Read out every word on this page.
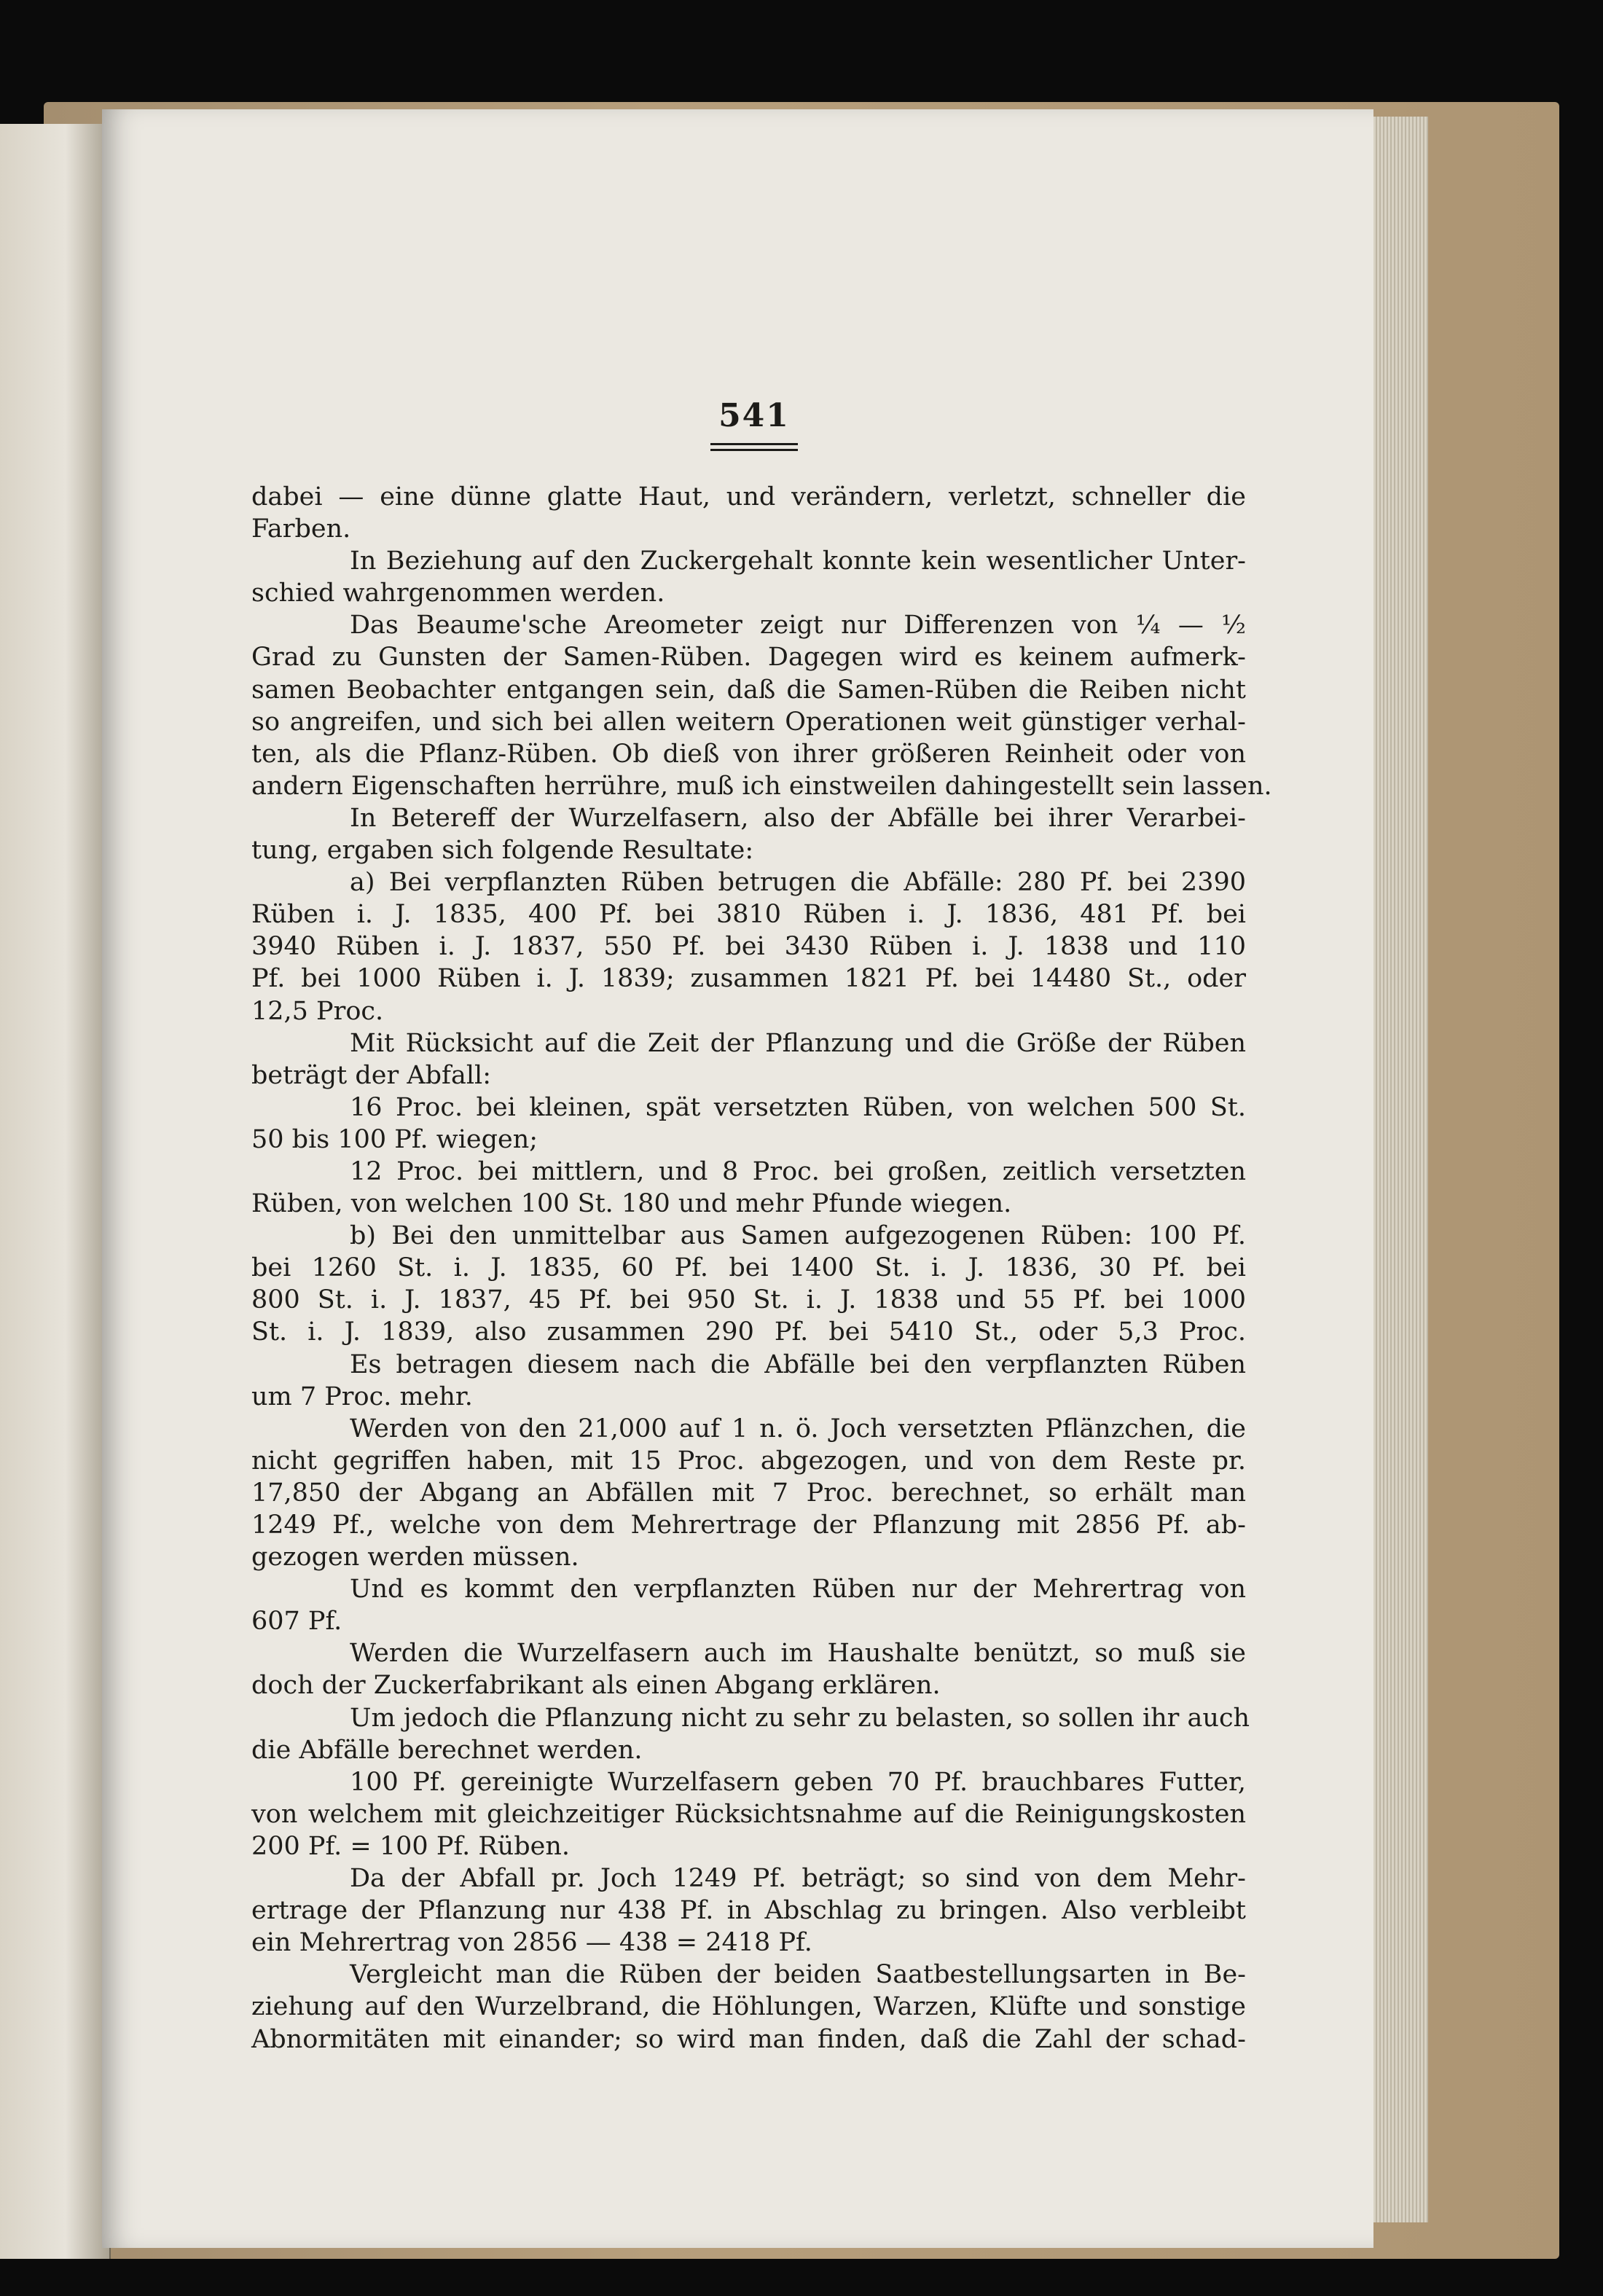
541
dabei — eine dünne glatte Haut, und verändern, verletzt, schneller die
Farben.
In Beziehung auf den Zuckergehalt konnte kein wesentlicher Unter-
schied wahrgenommen werden.
Das Beaume'sche Areometer zeigt nur Differenzen von ¼ — ½
Grad zu Gunsten der Samen-Rüben. Dagegen wird es keinem aufmerk-
samen Beobachter entgangen sein, daß die Samen-Rüben die Reiben nicht
so angreifen, und sich bei allen weitern Operationen weit günstiger verhal-
ten, als die Pflanz-Rüben. Ob dieß von ihrer größeren Reinheit oder von
andern Eigenschaften herrühre, muß ich einstweilen dahingestellt sein lassen.
In Betereff der Wurzelfasern, also der Abfälle bei ihrer Verarbei-
tung, ergaben sich folgende Resultate:
a) Bei verpflanzten Rüben betrugen die Abfälle: 280 Pf. bei 2390
Rüben i. J. 1835, 400 Pf. bei 3810 Rüben i. J. 1836, 481 Pf. bei
3940 Rüben i. J. 1837, 550 Pf. bei 3430 Rüben i. J. 1838 und 110
Pf. bei 1000 Rüben i. J. 1839; zusammen 1821 Pf. bei 14480 St., oder
12,5 Proc.
Mit Rücksicht auf die Zeit der Pflanzung und die Größe der Rüben
beträgt der Abfall:
16 Proc. bei kleinen, spät versetzten Rüben, von welchen 500 St.
50 bis 100 Pf. wiegen;
12 Proc. bei mittlern, und 8 Proc. bei großen, zeitlich versetzten
Rüben, von welchen 100 St. 180 und mehr Pfunde wiegen.
b) Bei den unmittelbar aus Samen aufgezogenen Rüben: 100 Pf.
bei 1260 St. i. J. 1835, 60 Pf. bei 1400 St. i. J. 1836, 30 Pf. bei
800 St. i. J. 1837, 45 Pf. bei 950 St. i. J. 1838 und 55 Pf. bei 1000
St. i. J. 1839, also zusammen 290 Pf. bei 5410 St., oder 5,3 Proc.
Es betragen diesem nach die Abfälle bei den verpflanzten Rüben
um 7 Proc. mehr.
Werden von den 21,000 auf 1 n. ö. Joch versetzten Pflänzchen, die
nicht gegriffen haben, mit 15 Proc. abgezogen, und von dem Reste pr.
17,850 der Abgang an Abfällen mit 7 Proc. berechnet, so erhält man
1249 Pf., welche von dem Mehrertrage der Pflanzung mit 2856 Pf. ab-
gezogen werden müssen.
Und es kommt den verpflanzten Rüben nur der Mehrertrag von
607 Pf.
Werden die Wurzelfasern auch im Haushalte benützt, so muß sie
doch der Zuckerfabrikant als einen Abgang erklären.
Um jedoch die Pflanzung nicht zu sehr zu belasten, so sollen ihr auch
die Abfälle berechnet werden.
100 Pf. gereinigte Wurzelfasern geben 70 Pf. brauchbares Futter,
von welchem mit gleichzeitiger Rücksichtsnahme auf die Reinigungskosten
200 Pf. = 100 Pf. Rüben.
Da der Abfall pr. Joch 1249 Pf. beträgt; so sind von dem Mehr-
ertrage der Pflanzung nur 438 Pf. in Abschlag zu bringen. Also verbleibt
ein Mehrertrag von 2856 — 438 = 2418 Pf.
Vergleicht man die Rüben der beiden Saatbestellungsarten in Be-
ziehung auf den Wurzelbrand, die Höhlungen, Warzen, Klüfte und sonstige
Abnormitäten mit einander; so wird man finden, daß die Zahl der schad-
